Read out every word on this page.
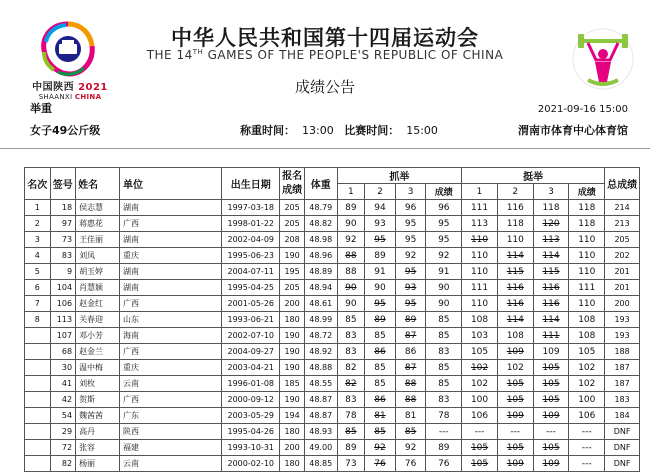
中国陕西 2021
SHAANXI CHINA
中华人民共和国第十四届运动会
THE 14TH GAMES OF THE PEOPLE'S REPUBLIC OF CHINA
成绩公告
举重	2021-09-16 15:00
女子49公斤级	称重时间： 13:00 比赛时间： 15:00	渭南市体育中心体育馆
名次	签号	姓名	单位	出生日期	报名成绩	体重	抓举				挺举				总成绩
							1	2	3	成绩	1	2	3	成绩	
1	18	侯志慧	湖南	1997-03-18	205	48.79	89	94	96	96	111	116	118	118	214
2	97	蒋惠花	广西	1998-01-22	205	48.82	90	93	95	95	113	118	120	118	213
3	73	王佳丽	湖南	2002-04-09	208	48.98	92	95	95	95	110	110	113	110	205
4	83	刘凤	重庆	1995-06-23	190	48.96	88	89	92	92	110	114	114	110	202
5	9	胡玉婷	湖南	2004-07-11	195	48.89	88	91	95	91	110	115	115	110	201
6	104	肖慧颖	湖南	1995-04-25	205	48.94	90	90	93	90	111	116	116	111	201
7	106	赵金红	广西	2001-05-26	200	48.61	90	95	95	90	110	116	116	110	200
8	113	关春迎	山东	1993-06-21	180	48.99	85	89	89	85	108	114	114	108	193
	107	邓小芳	海南	2002-07-10	190	48.72	83	85	87	85	103	108	111	108	193
	68	赵金兰	广西	2004-09-27	190	48.92	83	86	86	83	105	109	109	105	188
	30	温中梅	重庆	2003-04-21	190	48.88	82	85	87	85	102	102	105	102	187
	41	刘枚	云南	1996-01-08	185	48.55	82	85	88	85	102	105	105	102	187
	42	贺斯	广西	2000-09-12	190	48.87	83	86	88	83	100	105	105	100	183
	54	魏茜茜	广东	2003-05-29	194	48.87	78	81	81	78	106	109	109	106	184
	29	高丹	陕西	1995-04-26	180	48.93	85	85	85	---	---	---	---	---	DNF
	72	张容	福建	1993-10-31	200	49.00	89	92	92	89	105	105	105	---	DNF
	82	杨丽	云南	2000-02-10	180	48.85	73	76	76	76	105	109	109	---	DNF
